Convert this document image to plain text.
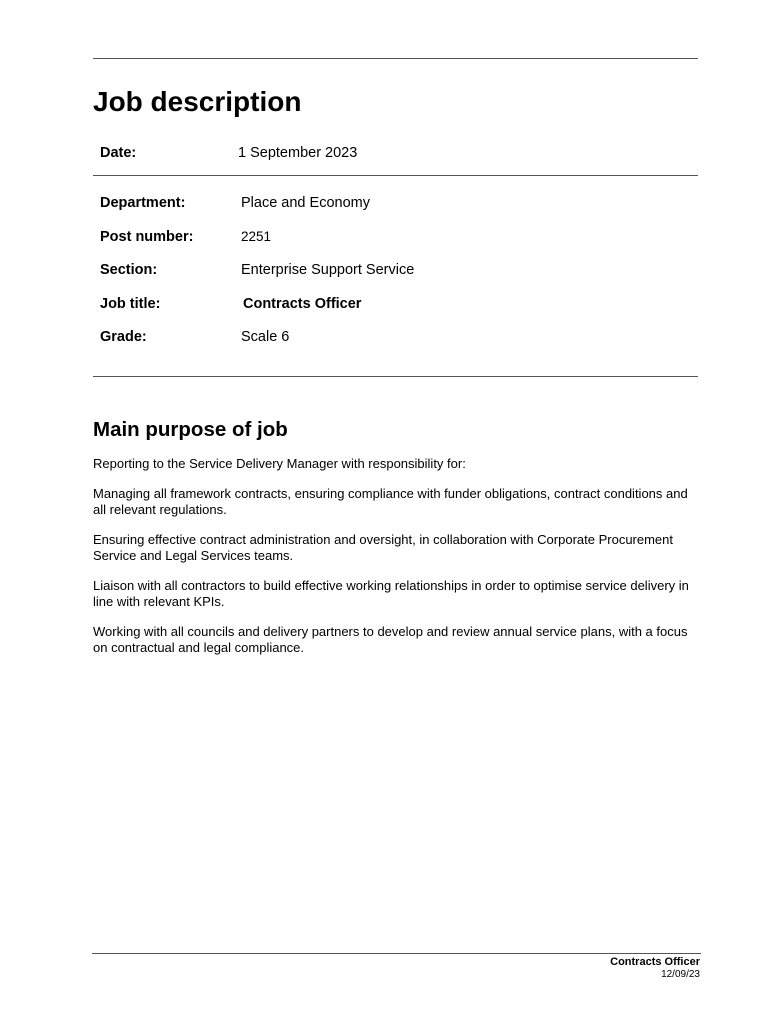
Job description
Date:	1 September 2023
Department:	Place and Economy
Post number:	2251
Section:	Enterprise Support Service
Job title:	Contracts Officer
Grade:	Scale 6
Main purpose of job

Reporting to the Service Delivery Manager with responsibility for:

Managing all framework contracts, ensuring compliance with funder obligations, contract conditions and all relevant regulations.

Ensuring effective contract administration and oversight, in collaboration with Corporate Procurement Service and Legal Services teams.

Liaison with all contractors to build effective working relationships in order to optimise service delivery in line with relevant KPIs.

Working with all councils and delivery partners to develop and review annual service plans, with a focus on contractual and legal compliance.

Contracts Officer
12/09/23
